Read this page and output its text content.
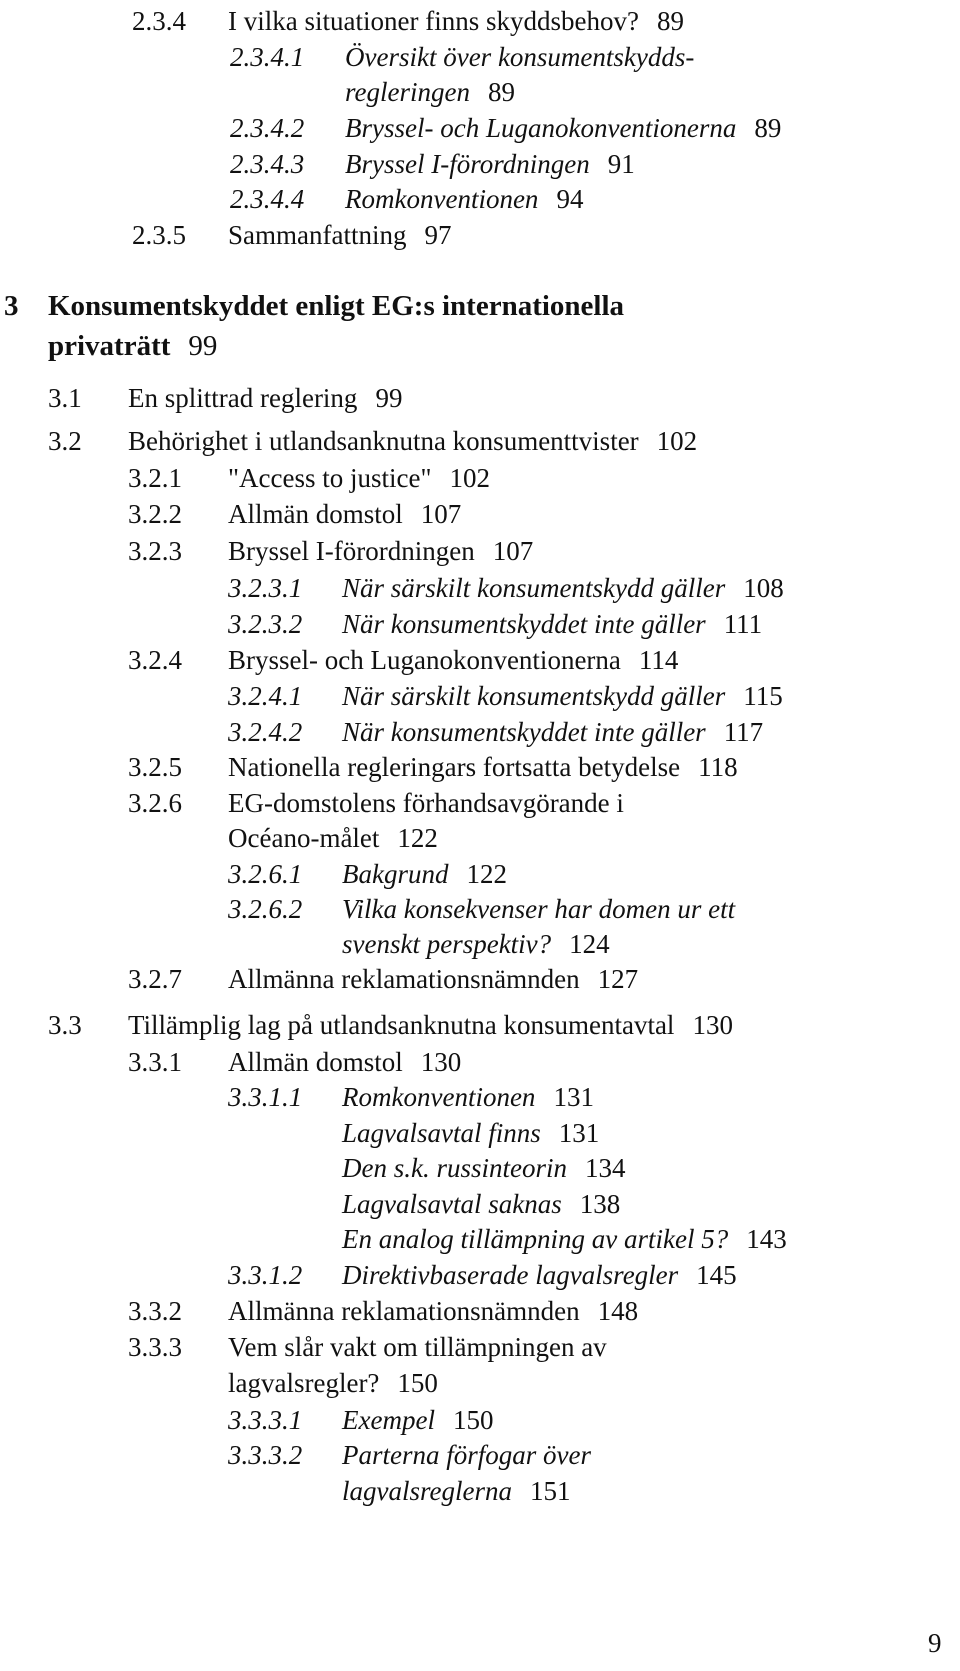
2.3.4 I vilka situationer finns skyddsbehov? 89
2.3.4.1 Översikt över konsumentskydds-
regleringen 89
2.3.4.2 Bryssel- och Luganokonventionerna 89
2.3.4.3 Bryssel I-förordningen 91
2.3.4.4 Romkonventionen 94
2.3.5 Sammanfattning 97
3 Konsumentskyddet enligt EG:s internationella
privaträtt 99
3.1 En splittrad reglering 99
3.2 Behörighet i utlandsanknutna konsumenttvister 102
3.2.1 "Access to justice" 102
3.2.2 Allmän domstol 107
3.2.3 Bryssel I-förordningen 107
3.2.3.1 När särskilt konsumentskydd gäller 108
3.2.3.2 När konsumentskyddet inte gäller 111
3.2.4 Bryssel- och Luganokonventionerna 114
3.2.4.1 När särskilt konsumentskydd gäller 115
3.2.4.2 När konsumentskyddet inte gäller 117
3.2.5 Nationella regleringars fortsatta betydelse 118
3.2.6 EG-domstolens förhandsavgörande i
Océano-målet 122
3.2.6.1 Bakgrund 122
3.2.6.2 Vilka konsekvenser har domen ur ett
svenskt perspektiv? 124
3.2.7 Allmänna reklamationsnämnden 127
3.3 Tillämplig lag på utlandsanknutna konsumentavtal 130
3.3.1 Allmän domstol 130
3.3.1.1 Romkonventionen 131
Lagvalsavtal finns 131
Den s.k. russinteorin 134
Lagvalsavtal saknas 138
En analog tillämpning av artikel 5? 143
3.3.1.2 Direktivbaserade lagvalsregler 145
3.3.2 Allmänna reklamationsnämnden 148
3.3.3 Vem slår vakt om tillämpningen av
lagvalsregler? 150
3.3.3.1 Exempel 150
3.3.3.2 Parterna förfogar över
lagvalsreglerna 151
9
